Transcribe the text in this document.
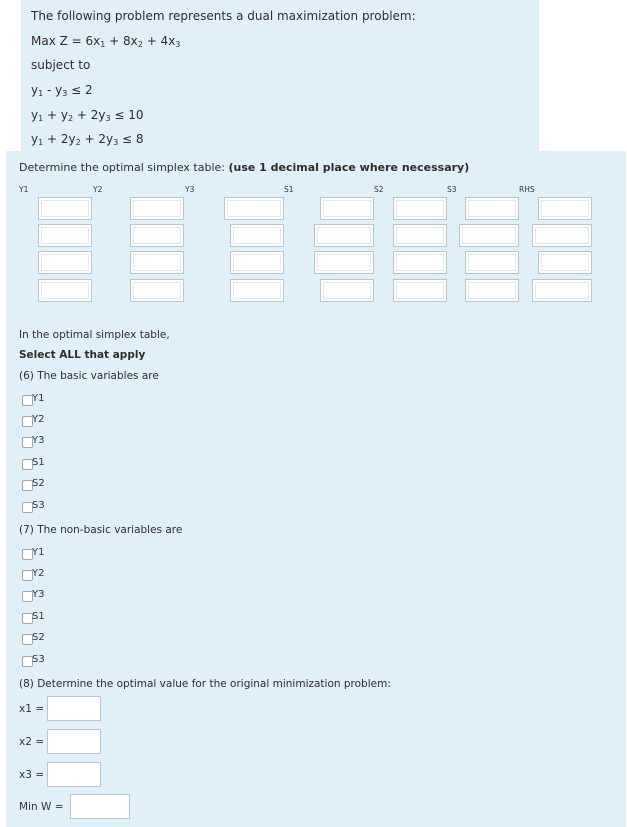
The following problem represents a dual maximization problem:
Max $Z = 6x_1 + 8x_2 + 4x_3$
subject to
$y_1 - y_3 \le 2$
$y_1 + y_2 + 2y_3 \le 10$
$y_1 + 2y_2 + 2y_3 \le 8$
Determine the optimal simplex table: (use 1 decimal place where necessary)
Y1	Y2	Y3	S1	S2	S3	RHS
In the optimal simplex table,
Select ALL that apply
(6) The basic variables are
Y1
Y2
Y3
S1
S2
S3
(7) The non-basic variables are
Y1
Y2
Y3
S1
S2
S3
(8) Determine the optimal value for the original minimization problem:
x1 =
x2 =
x3 =
Min W =
